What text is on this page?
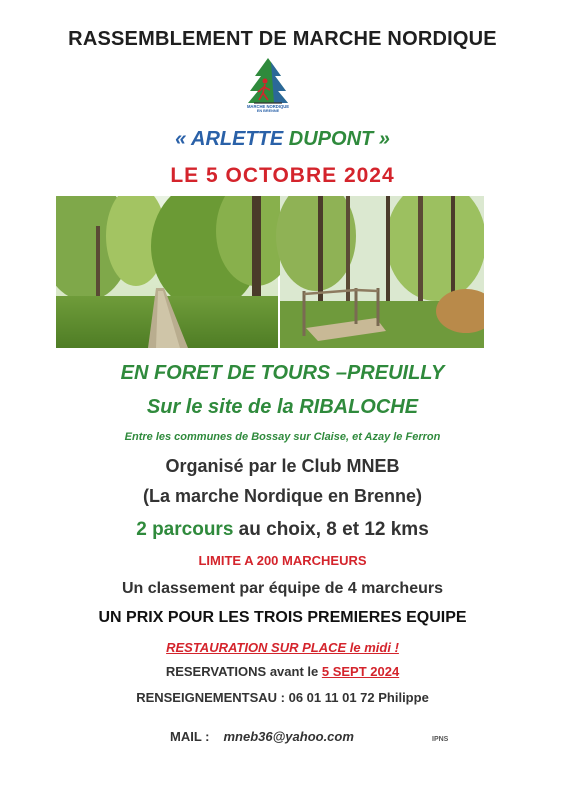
RASSEMBLEMENT DE MARCHE NORDIQUE
MARCHE NORDIQUE
EN BRENNE
« ARLETTE DUPONT »
LE 5 OCTOBRE 2024
EN FORET DE TOURS –PREUILLY
Sur le site de la RIBALOCHE
Entre les communes de Bossay sur Claise, et Azay le Ferron
Organisé par le Club MNEB
(La marche Nordique en Brenne)
2 parcours au choix, 8 et 12 kms
LIMITE A 200 MARCHEURS
Un classement par équipe de 4 marcheurs
UN PRIX POUR LES TROIS PREMIERES EQUIPE
RESTAURATION SUR PLACE le midi !
RESERVATIONS avant le 5 SEPT 2024
RENSEIGNEMENTSAU : 06 01 11 01 72 Philippe
MAIL : mneb36@yahoo.com	IPNS
